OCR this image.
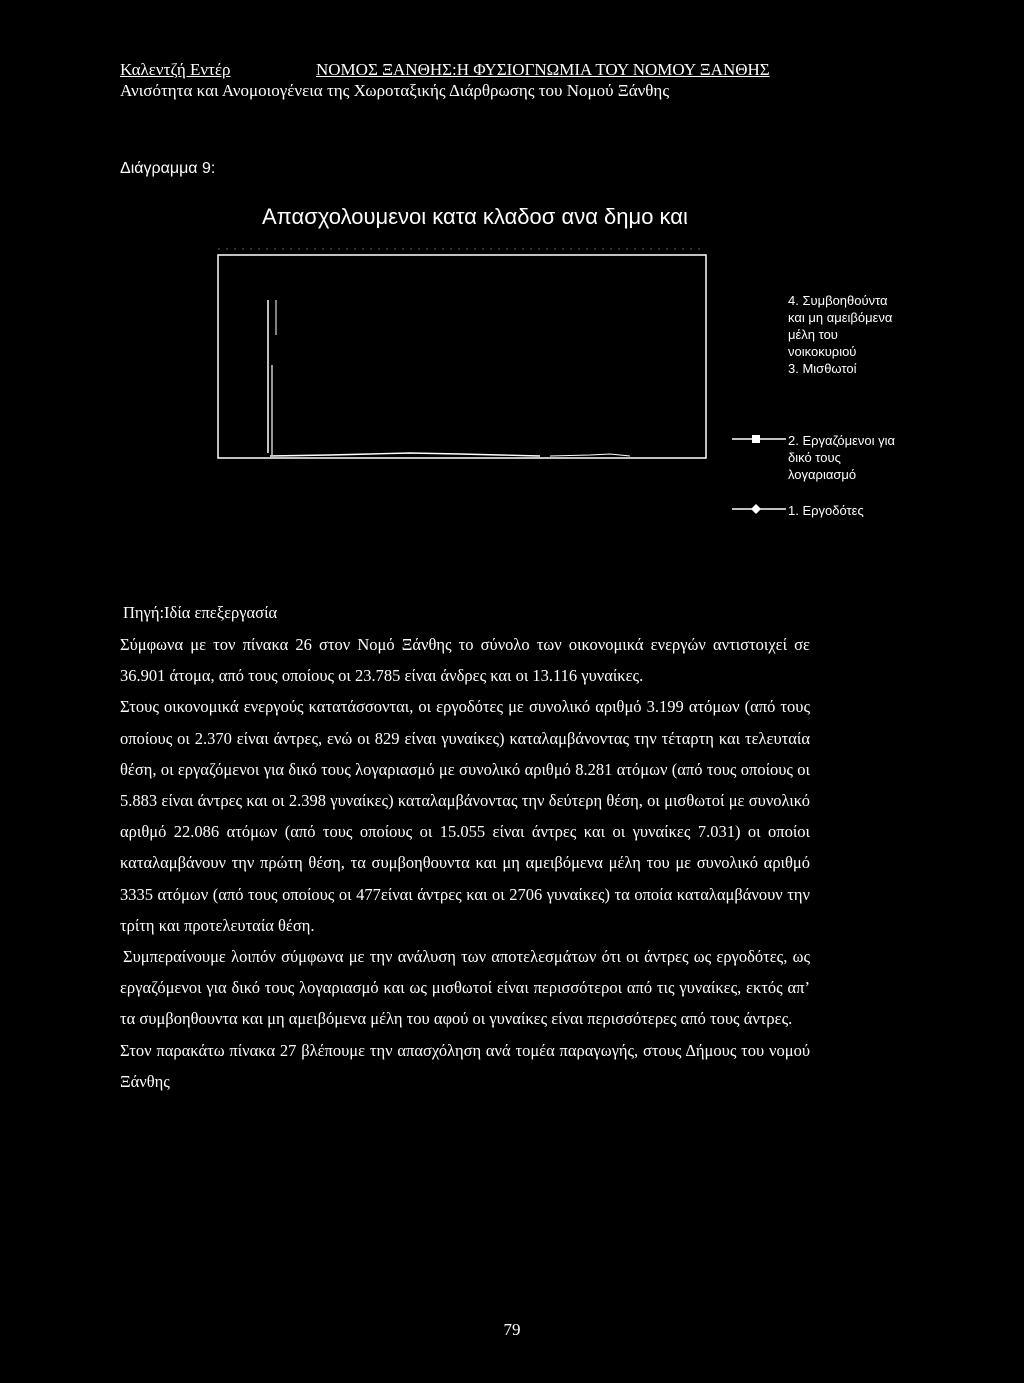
Καλεντζή Εντέρ	ΝΟΜΟΣ ΞΑΝΘΗΣ:Η ΦΥΣΙΟΓΝΩΜΙΑ ΤΟΥ ΝΟΜΟΥ ΞΑΝΘΗΣ
Ανισότητα και Ανομοιογένεια της Χωροταξικής Διάρθρωσης του Νομού Ξάνθης
Διάγραμμα 9:
Απασχολουμενοι κατα κλαδοσ ανα δημο και
4. Συμβοηθούντα
και μη αμειβόμενα
μέλη του
νοικοκυριού
3. Μισθωτοί
2. Εργαζόμενοι για
δικό τους
λογαριασμό
1. Εργοδότες
Πηγή:Ιδία επεξεργασία

Σύμφωνα με τον πίνακα 26 στον Νομό Ξάνθης το σύνολο των οικονομικά ενεργών αντιστοιχεί σε 36.901 άτομα, από τους οποίους οι 23.785 είναι άνδρες και οι 13.116 γυναίκες.

Στους οικονομικά ενεργούς κατατάσσονται, οι εργοδότες με συνολικό αριθμό 3.199 ατόμων (από τους οποίους οι 2.370 είναι άντρες, ενώ οι 829 είναι γυναίκες) καταλαμβάνοντας την τέταρτη και τελευταία θέση, οι εργαζόμενοι για δικό τους λογαριασμό με συνολικό αριθμό 8.281 ατόμων (από τους οποίους οι 5.883 είναι άντρες και οι 2.398 γυναίκες) καταλαμβάνοντας την δεύτερη θέση, οι μισθωτοί με συνολικό αριθμό 22.086 ατόμων (από τους οποίους οι 15.055 είναι άντρες και οι γυναίκες 7.031) οι οποίοι καταλαμβάνουν την πρώτη θέση, τα συμβοηθουντα και μη αμειβόμενα μέλη του με συνολικό αριθμό 3335 ατόμων (από τους οποίους οι 477είναι άντρες και οι 2706 γυναίκες) τα οποία καταλαμβάνουν την τρίτη και προτελευταία θέση.

Συμπεραίνουμε λοιπόν σύμφωνα με την ανάλυση των αποτελεσμάτων ότι οι άντρες ως εργοδότες, ως εργαζόμενοι για δικό τους λογαριασμό και ως μισθωτοί είναι περισσότεροι από τις γυναίκες, εκτός απ’ τα συμβοηθουντα και μη αμειβόμενα μέλη του αφού οι γυναίκες είναι περισσότερες από τους άντρες.

Στον παρακάτω πίνακα 27 βλέπουμε την απασχόληση ανά τομέα παραγωγής, στους Δήμους του νομού Ξάνθης

79
